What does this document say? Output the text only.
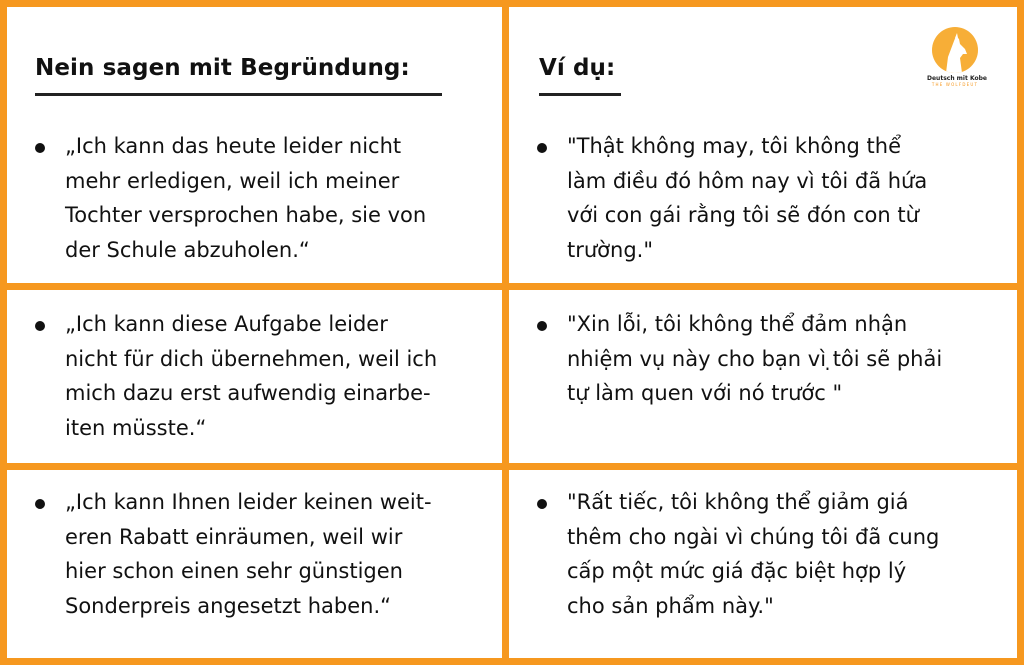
Nein sagen mit Begründung:
„Ich kann das heute leider nicht
mehr erledigen, weil ich meiner
Tochter versprochen habe, sie von
der Schule abzuholen.“
Ví dụ:	Deutsch mit Kobe
THE WOLFDEUT
"Thật không may, tôi không thể
làm điều đó hôm nay vì tôi đã hứa
với con gái rằng tôi sẽ đón con từ
trường."
„Ich kann diese Aufgabe leider
nicht für dich übernehmen, weil ich
mich dazu erst aufwendig einarbe-
iten müsste.“
"Xin lỗi, tôi không thể đảm nhận
nhiệm vụ này cho bạn vì ̣tôi sẽ phải
tự làm quen với nó trước "
„Ich kann Ihnen leider keinen weit-
eren Rabatt einräumen, weil wir
hier schon einen sehr günstigen
Sonderpreis angesetzt haben.“
"Rất tiếc, tôi không thể giảm giá
thêm cho ngài vì chúng tôi đã cung
cấp một mức giá đặc biệt hợp lý
cho sản phẩm này."
